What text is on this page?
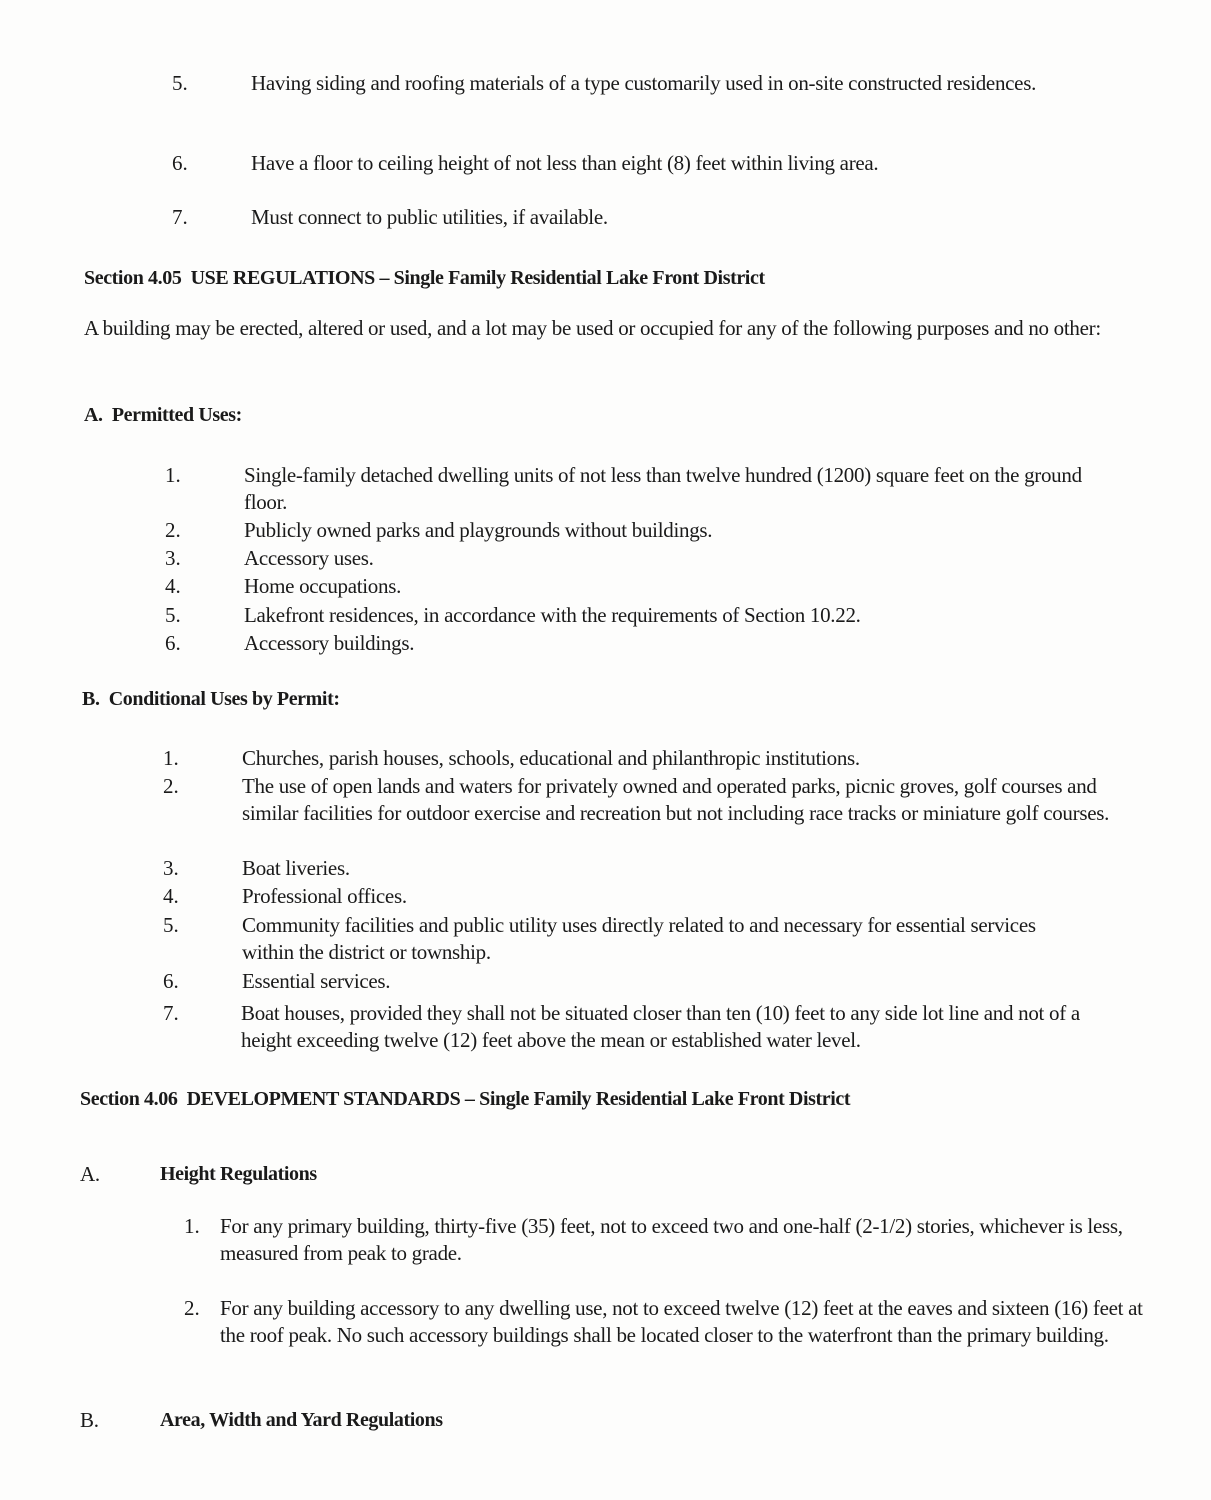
5.	Having siding and roofing materials of a type customarily used in on-site constructed residences.
6.	Have a floor to ceiling height of not less than eight (8) feet within living area.
7.	Must connect to public utilities, if available.
Section 4.05  USE REGULATIONS – Single Family Residential Lake Front District
A building may be erected, altered or used, and a lot may be used or occupied for any of the following purposes and no other:
A.  Permitted Uses:
1.	Single-family detached dwelling units of not less than twelve hundred (1200) square feet on the ground floor.
2.	Publicly owned parks and playgrounds without buildings.
3.	Accessory uses.
4.	Home occupations.
5.	Lakefront residences, in accordance with the requirements of Section 10.22.
6.	Accessory buildings.
B.  Conditional Uses by Permit:
1.	Churches, parish houses, schools, educational and philanthropic institutions.
2.	The use of open lands and waters for privately owned and operated parks, picnic groves, golf courses and similar facilities for outdoor exercise and recreation but not including race tracks or miniature golf courses.
3.	Boat liveries.
4.	Professional offices.
5.	Community facilities and public utility uses directly related to and necessary for essential services within the district or township.
6.	Essential services.
7.	Boat houses, provided they shall not be situated closer than ten (10) feet to any side lot line and not of a height exceeding twelve (12) feet above the mean or established water level.
Section 4.06  DEVELOPMENT STANDARDS – Single Family Residential Lake Front District
A.	Height Regulations
1. For any primary building, thirty-five (35) feet, not to exceed two and one-half (2-1/2) stories, whichever is less, measured from peak to grade.
2. For any building accessory to any dwelling use, not to exceed twelve (12) feet at the eaves and sixteen (16) feet at the roof peak. No such accessory buildings shall be located closer to the waterfront than the primary building.
B.	Area, Width and Yard Regulations
